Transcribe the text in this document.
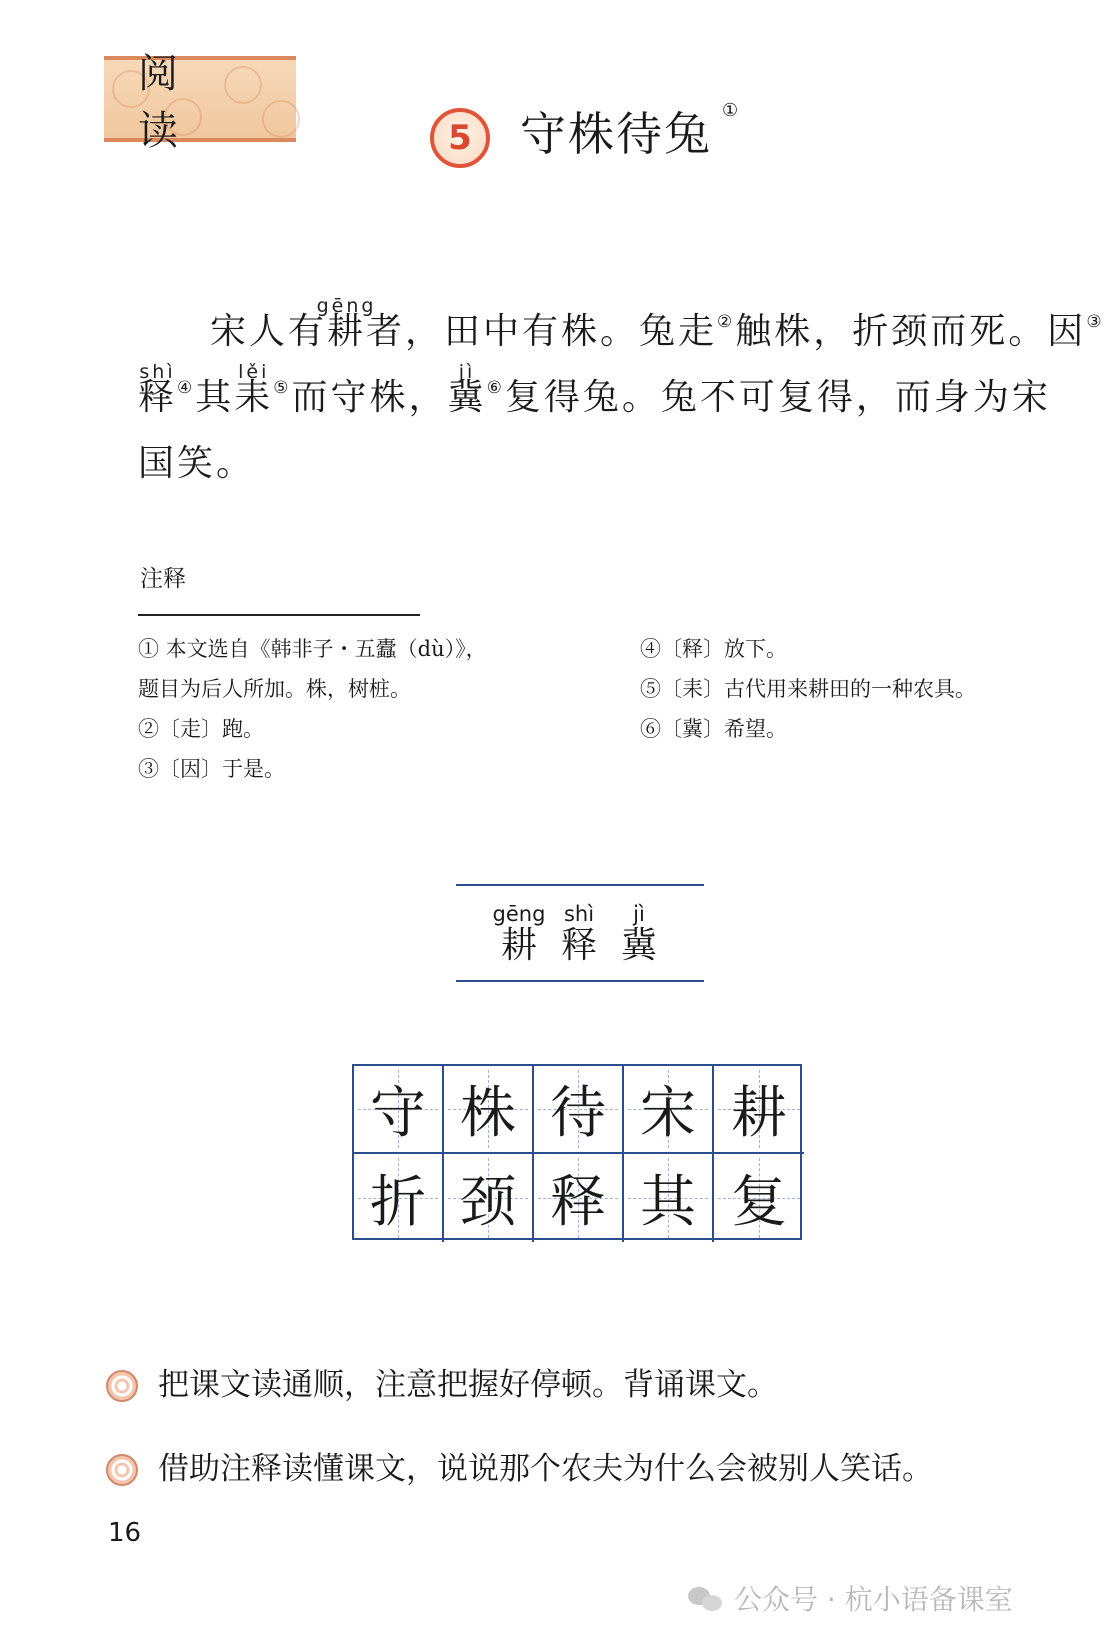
阅 读	5 守株待兔 ①
宋人有
gēng
耕者，田中有株。兔走②触株，折颈而死。因③
shì
释④其
lěi
耒⑤而守株，
jì
冀⑥复得兔。兔不可复得，而身为宋
国笑。
注释
① 本文选自《韩非子・五蠹（dù）》，
题目为后人所加。株，树桩。
②〔走〕跑。
③〔因〕于是。
④〔释〕放下。
⑤〔耒〕古代用来耕田的一种农具。
⑥〔冀〕希望。
gēng
耕
shì
释
jì
冀
守 株 待 宋 耕
折 颈 释 其 复
把课文读通顺，注意把握好停顿。背诵课文。
借助注释读懂课文，说说那个农夫为什么会被别人笑话。
16
公众号 · 杭小语备课室
